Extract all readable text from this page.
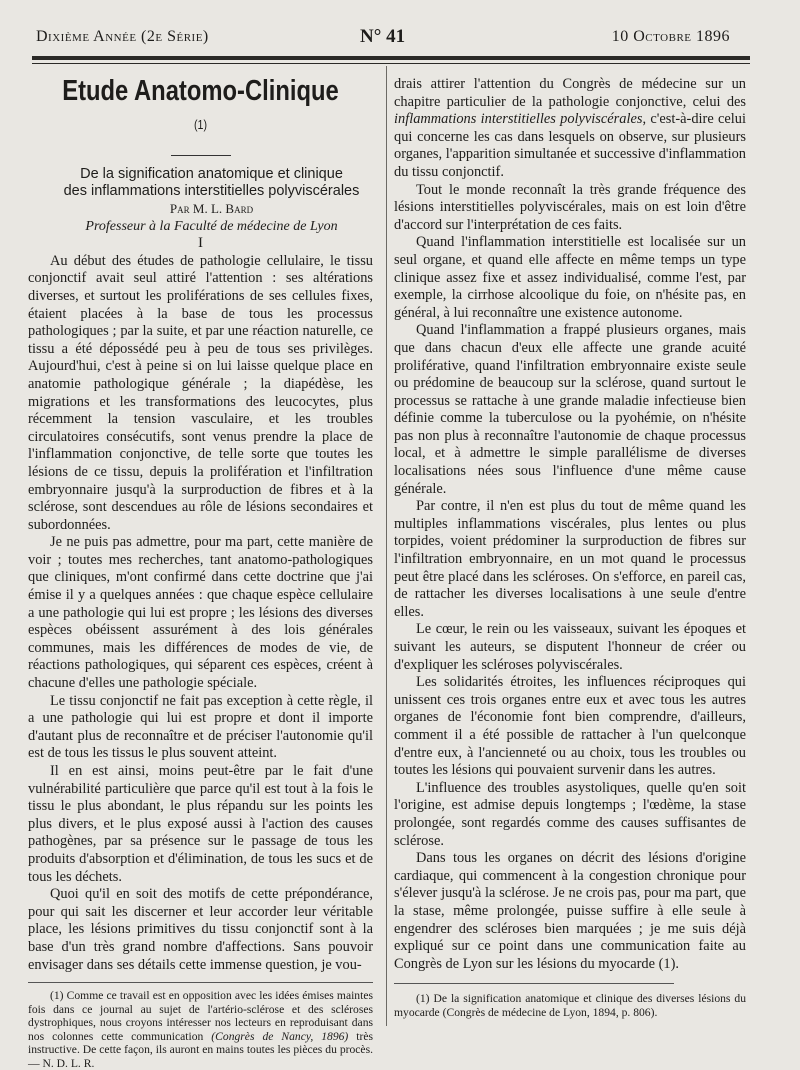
Dixième Année (2e Série)	N° 41	10 Octobre 1896
Etude Anatomo-Clinique $^{(1)}$

De la signification anatomique et clinique

des inflammations interstitielles polyviscérales

Par M. L. Bard

Professeur à la Faculté de médecine de Lyon

I

Au début des études de pathologie cellulaire, le tissu conjonctif avait seul attiré l'attention : ses altérations diverses, et surtout les proliférations de ses cellules fixes, étaient placées à la base de tous les processus pathologiques ; par la suite, et par une réaction naturelle, ce tissu a été dépossédé peu à peu de tous ses privilèges. Aujourd'hui, c'est à peine si on lui laisse quelque place en anatomie pathologique générale ; la diapédèse, les migrations et les transformations des leucocytes, plus récemment la tension vasculaire, et les troubles circulatoires consécutifs, sont venus prendre la place de l'inflammation conjonctive, de telle sorte que toutes les lésions de ce tissu, depuis la prolifération et l'infiltration embryonnaire jusqu'à la surproduction de fibres et à la sclérose, sont descendues au rôle de lésions secondaires et subordonnées.

Je ne puis pas admettre, pour ma part, cette manière de voir ; toutes mes recherches, tant anatomo-pathologiques que cliniques, m'ont confirmé dans cette doctrine que j'ai émise il y a quelques années : que chaque espèce cellulaire a une pathologie qui lui est propre ; les lésions des diverses espèces obéissent assurément à des lois générales communes, mais les différences de modes de vie, de réactions pathologiques, qui séparent ces espèces, créent à chacune d'elles une pathologie spéciale.

Le tissu conjonctif ne fait pas exception à cette règle, il a une pathologie qui lui est propre et dont il importe d'autant plus de reconnaître et de préciser l'autonomie qu'il est de tous les tissus le plus souvent atteint.

Il en est ainsi, moins peut-être par le fait d'une vulnérabilité particulière que parce qu'il est tout à la fois le tissu le plus abondant, le plus répandu sur les points les plus divers, et le plus exposé aussi à l'action des causes pathogènes, par sa présence sur le passage de tous les produits d'absorption et d'élimination, de tous les sucs et de tous les déchets.

Quoi qu'il en soit des motifs de cette prépondérance, pour qui sait les discerner et leur accorder leur véritable place, les lésions primitives du tissu conjonctif sont à la base d'un très grand nombre d'affections. Sans pouvoir envisager dans ses détails cette immense question, je vou-

(1) Comme ce travail est en opposition avec les idées émises maintes fois dans ce journal au sujet de l'artério-sclérose et des scléroses dystrophiques, nous croyons intéresser nos lecteurs en reproduisant dans nos colonnes cette communication (Congrès de Nancy, 1896) très instructive. De cette façon, ils auront en mains toutes les pièces du procès. — N. D. L. R.

drais attirer l'attention du Congrès de médecine sur un chapitre particulier de la pathologie conjonctive, celui des inflammations interstitielles polyviscérales, c'est-à-dire celui qui concerne les cas dans lesquels on observe, sur plusieurs organes, l'apparition simultanée et successive d'inflammation du tissu conjonctif.

Tout le monde reconnaît la très grande fréquence des lésions interstitielles polyviscérales, mais on est loin d'être d'accord sur l'interprétation de ces faits.

Quand l'inflammation interstitielle est localisée sur un seul organe, et quand elle affecte en même temps un type clinique assez fixe et assez individualisé, comme l'est, par exemple, la cirrhose alcoolique du foie, on n'hésite pas, en général, à lui reconnaître une existence autonome.

Quand l'inflammation a frappé plusieurs organes, mais que dans chacun d'eux elle affecte une grande acuité proliférative, quand l'infiltration embryonnaire existe seule ou prédomine de beaucoup sur la sclérose, quand surtout le processus se rattache à une grande maladie infectieuse bien définie comme la tuberculose ou la pyohémie, on n'hésite pas non plus à reconnaître l'autonomie de chaque processus local, et à admettre le simple parallélisme de diverses localisations nées sous l'influence d'une même cause générale.

Par contre, il n'en est plus du tout de même quand les multiples inflammations viscérales, plus lentes ou plus torpides, voient prédominer la surproduction de fibres sur l'infiltration embryonnaire, en un mot quand le processus peut être placé dans les scléroses. On s'efforce, en pareil cas, de rattacher les diverses localisations à une seule d'entre elles.

Le cœur, le rein ou les vaisseaux, suivant les époques et suivant les auteurs, se disputent l'honneur de créer ou d'expliquer les scléroses polyviscérales.

Les solidarités étroites, les influences réciproques qui unissent ces trois organes entre eux et avec tous les autres organes de l'économie font bien comprendre, d'ailleurs, comment il a été possible de rattacher à l'un quelconque d'entre eux, à l'ancienneté ou au choix, tous les troubles ou toutes les lésions qui pouvaient survenir dans les autres.

L'influence des troubles asystoliques, quelle qu'en soit l'origine, est admise depuis longtemps ; l'œdème, la stase prolongée, sont regardés comme des causes suffisantes de sclérose.

Dans tous les organes on décrit des lésions d'origine cardiaque, qui commencent à la congestion chronique pour s'élever jusqu'à la sclérose. Je ne crois pas, pour ma part, que la stase, même prolongée, puisse suffire à elle seule à engendrer des scléroses bien marquées ; je me suis déjà expliqué sur ce point dans une communication faite au Congrès de Lyon sur les lésions du myocarde (1).

(1) De la signification anatomique et clinique des diverses lésions du myocarde (Congrès de médecine de Lyon, 1894, p. 806).
